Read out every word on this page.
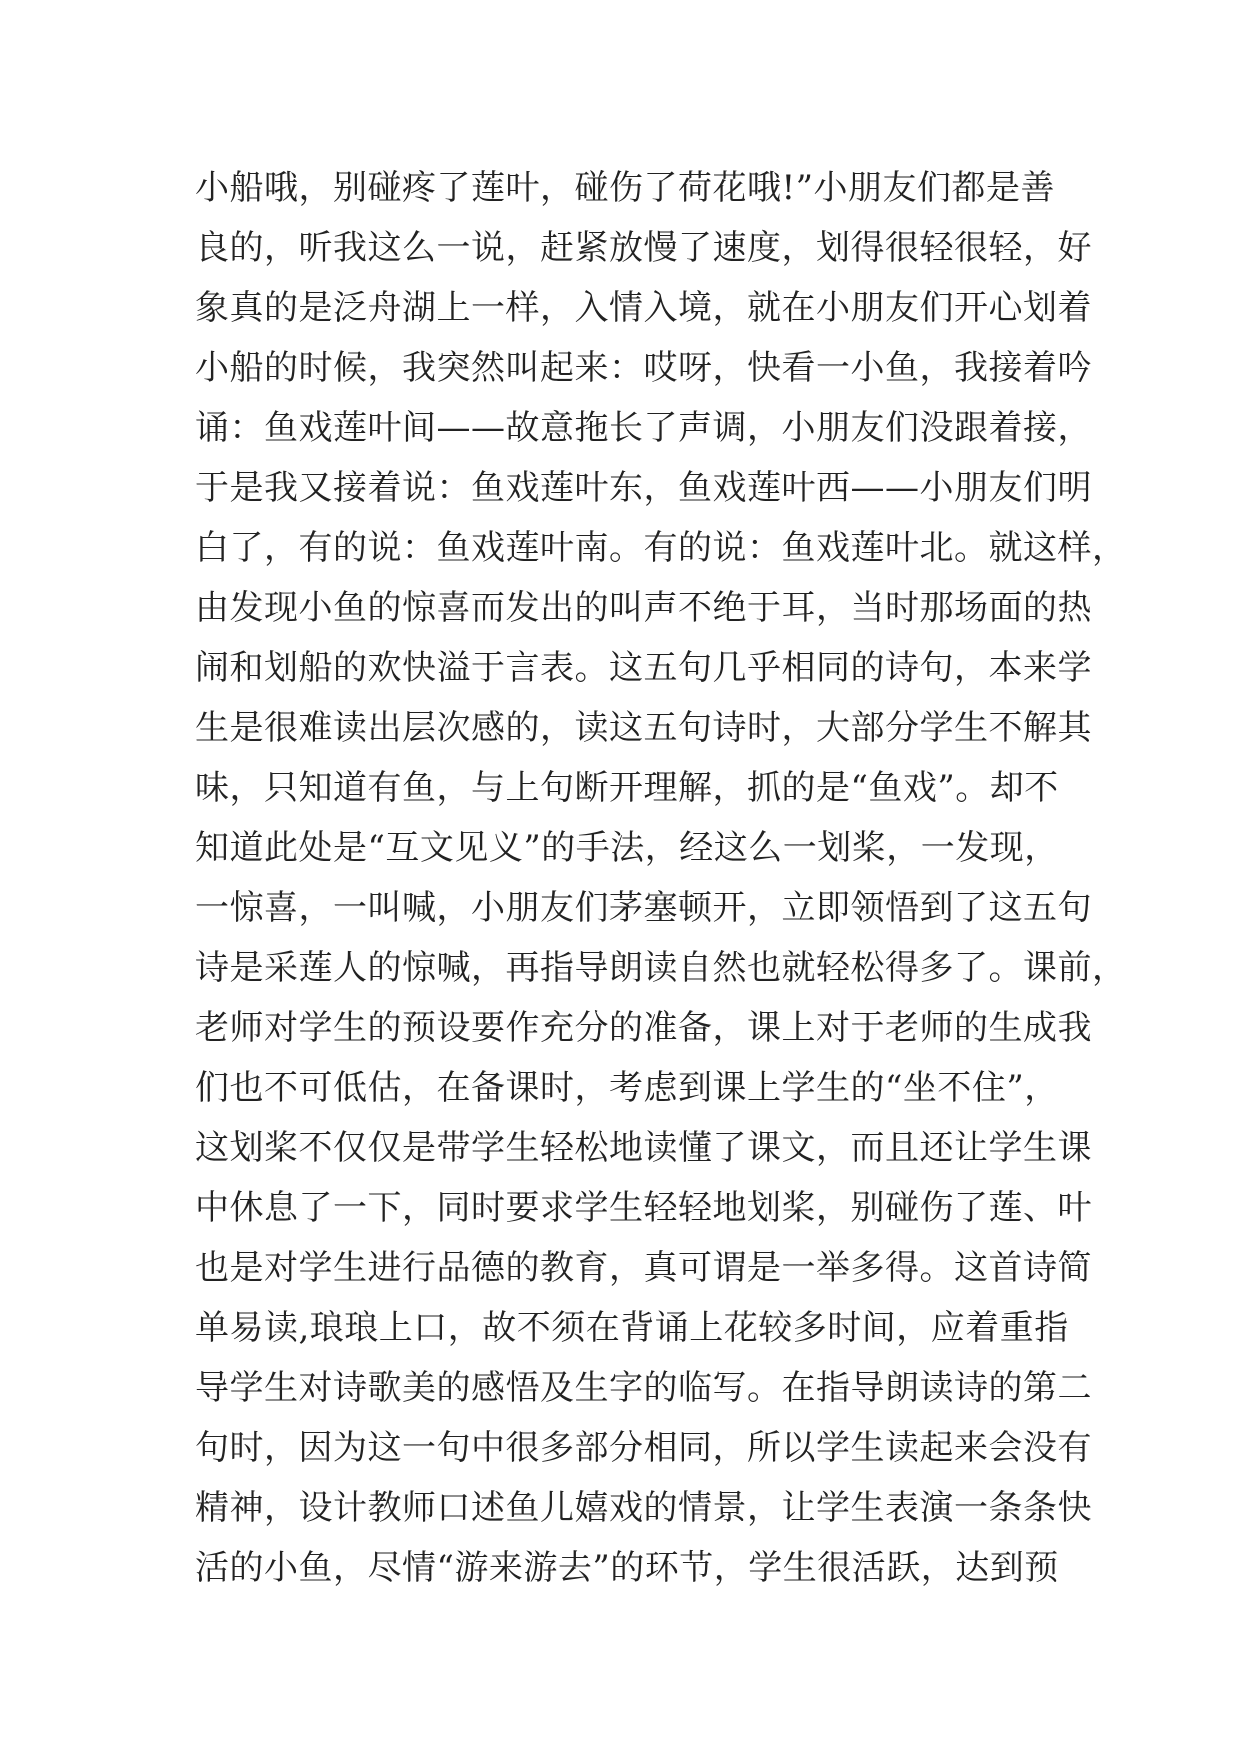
小船哦，别碰疼了莲叶，碰伤了荷花哦!”小朋友们都是善
良的，听我这么一说，赶紧放慢了速度，划得很轻很轻，好
象真的是泛舟湖上一样，入情入境，就在小朋友们开心划着
小船的时候，我突然叫起来：哎呀，快看一小鱼，我接着吟
诵：鱼戏莲叶间——故意拖长了声调，小朋友们没跟着接，
于是我又接着说：鱼戏莲叶东，鱼戏莲叶西——小朋友们明
白了，有的说：鱼戏莲叶南。有的说：鱼戏莲叶北。就这样，
由发现小鱼的惊喜而发出的叫声不绝于耳，当时那场面的热
闹和划船的欢快溢于言表。这五句几乎相同的诗句，本来学
生是很难读出层次感的，读这五句诗时，大部分学生不解其
味，只知道有鱼，与上句断开理解，抓的是“鱼戏”。却不
知道此处是“互文见义”的手法，经这么一划桨，一发现，
一惊喜，一叫喊，小朋友们茅塞顿开，立即领悟到了这五句
诗是采莲人的惊喊，再指导朗读自然也就轻松得多了。课前，
老师对学生的预设要作充分的准备，课上对于老师的生成我
们也不可低估，在备课时，考虑到课上学生的“坐不住”，
这划桨不仅仅是带学生轻松地读懂了课文，而且还让学生课
中休息了一下，同时要求学生轻轻地划桨，别碰伤了莲、叶
也是对学生进行品德的教育，真可谓是一举多得。这首诗简
单易读,琅琅上口，故不须在背诵上花较多时间，应着重指
导学生对诗歌美的感悟及生字的临写。在指导朗读诗的第二
句时，因为这一句中很多部分相同，所以学生读起来会没有
精神，设计教师口述鱼儿嬉戏的情景，让学生表演一条条快
活的小鱼，尽情“游来游去”的环节，学生很活跃，达到预
